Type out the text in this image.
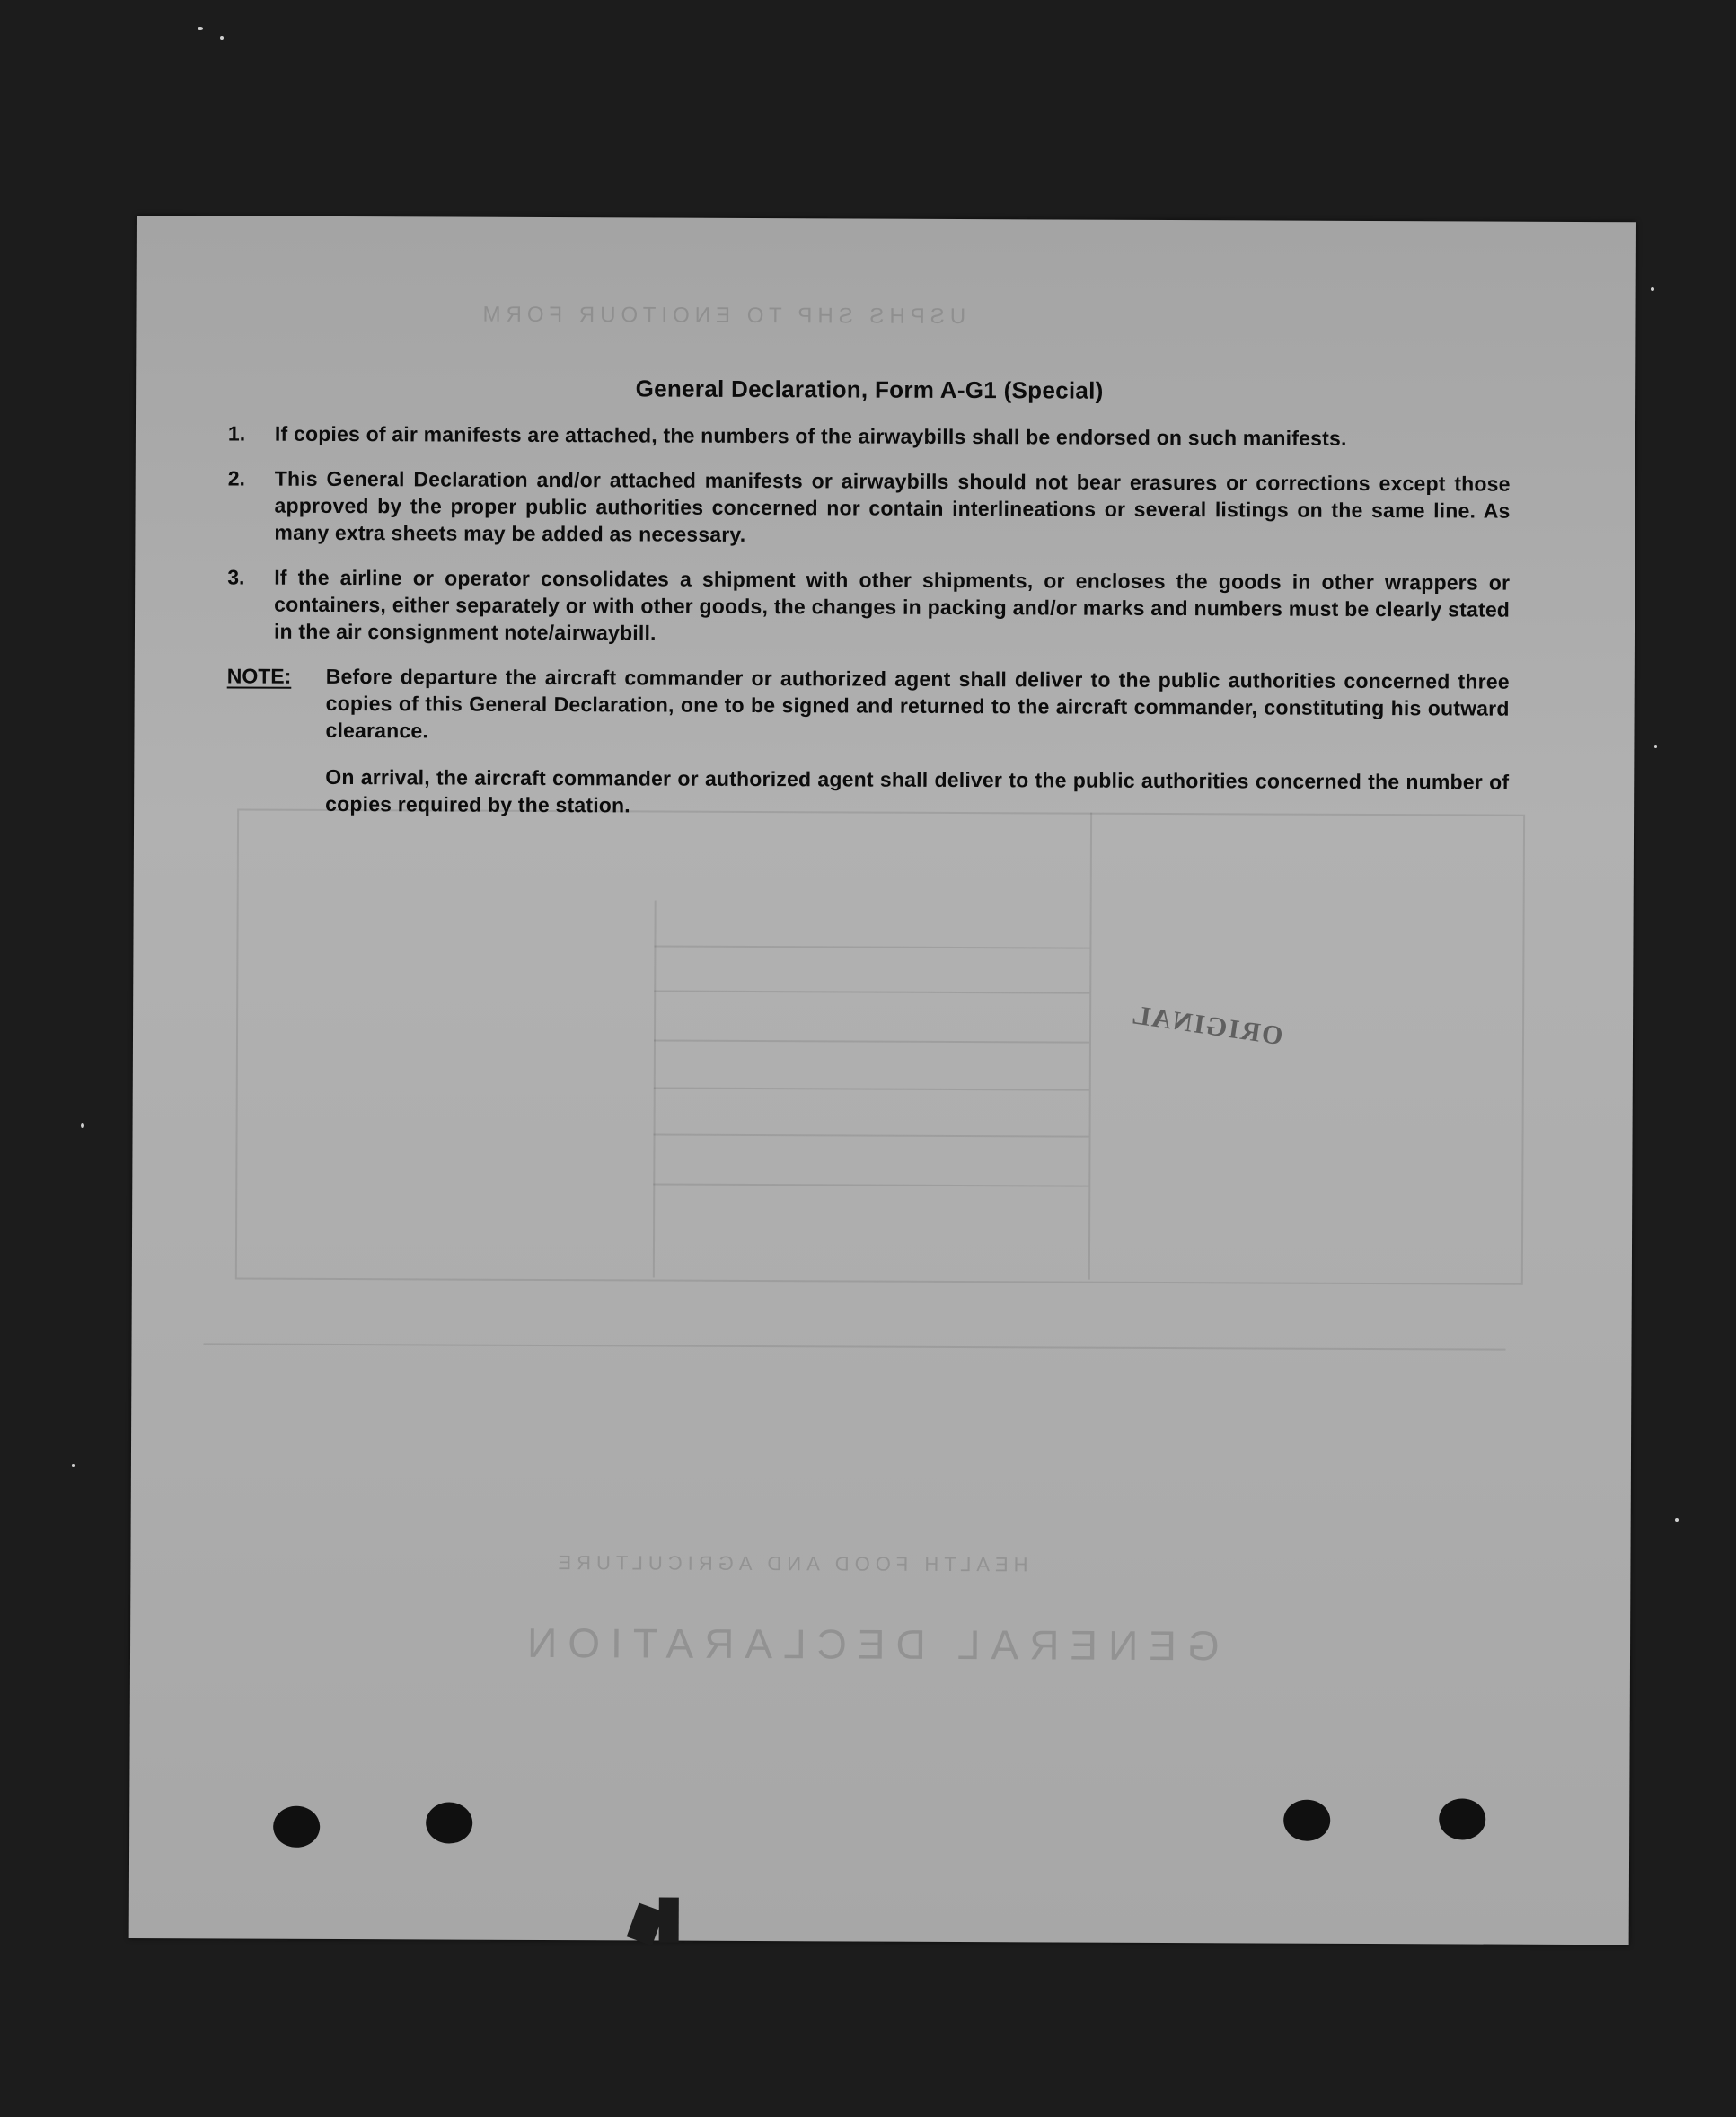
USPHS SHP TO ENOITOUR FORM
GENERAL DECLARATION
HEALTH FOOD AND AGRICULTURE
ORIGINAL
General Declaration, Form A-G1 (Special)
1.	If copies of air manifests are attached, the numbers of the airwaybills shall be endorsed on such manifests.
2.	This General Declaration and/or attached manifests or airwaybills should not bear erasures or corrections except those approved by the proper public authorities concerned nor contain interlineations or several listings on the same line. As many extra sheets may be added as necessary.
3.	If the airline or operator consolidates a shipment with other shipments, or encloses the goods in other wrappers or containers, either separately or with other goods, the changes in packing and/or marks and numbers must be clearly stated in the air consignment note/airwaybill.
NOTE:	Before departure the aircraft commander or authorized agent shall deliver to the public authorities concerned three copies of this General Declaration, one to be signed and returned to the aircraft commander, constituting his outward clearance.
On arrival, the aircraft commander or authorized agent shall deliver to the public authorities concerned the number of copies required by the station.
